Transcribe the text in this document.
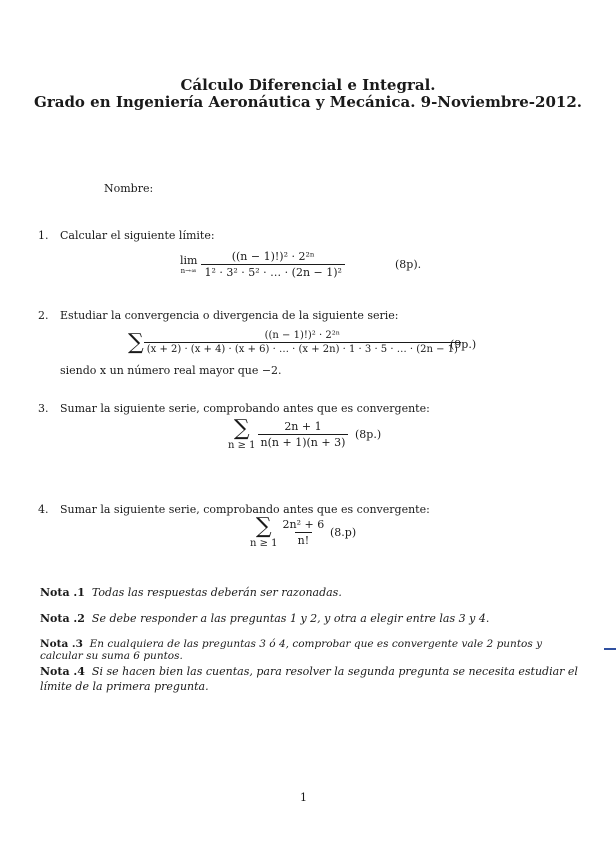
Cálculo Diferencial e Integral.
Grado en Ingeniería Aeronáutica y Mecánica. 9-Noviembre-2012.
Nombre:
1. Calcular el siguiente límite:
lim
$n\to\infty \frac{\text{((n − 1)!)² · 2²ⁿ}}{\text{1² · 3² · 5² · … · (2n − 1)²}}$	(8p).
2. Estudiar la convergencia o divergencia de la siguiente serie:
∑	((n − 1)!)² · 2²ⁿ
(x + 2) · (x + 4) · (x + 6) · … · (x + 2n) · 1 · 3 · 5 · … · (2n − 1)
(9p.)
siendo x un número real mayor que −2.
3. Sumar la siguiente serie, comprobando antes que es convergente:
∑
$n \ge 1 \frac{2n + 1}{n(n + 1)(n + 3)} (8p.)$
4. Sumar la siguiente serie, comprobando antes que es convergente:
∑
$n \ge 1 \frac{\text{2n² + 6}}{n!} (8.p)$
Nota .1 Todas las respuestas deberán ser razonadas.
Nota .2 Se debe responder a las preguntas 1 y 2, y otra a elegir entre las 3 y 4.
Nota .3 En cualquiera de las preguntas 3 ó 4, comprobar que es convergente vale 2 puntos y calcular su suma 6 puntos.
Nota .4 Si se hacen bien las cuentas, para resolver la segunda pregunta se necesita estudiar el límite de la primera pregunta.
1
